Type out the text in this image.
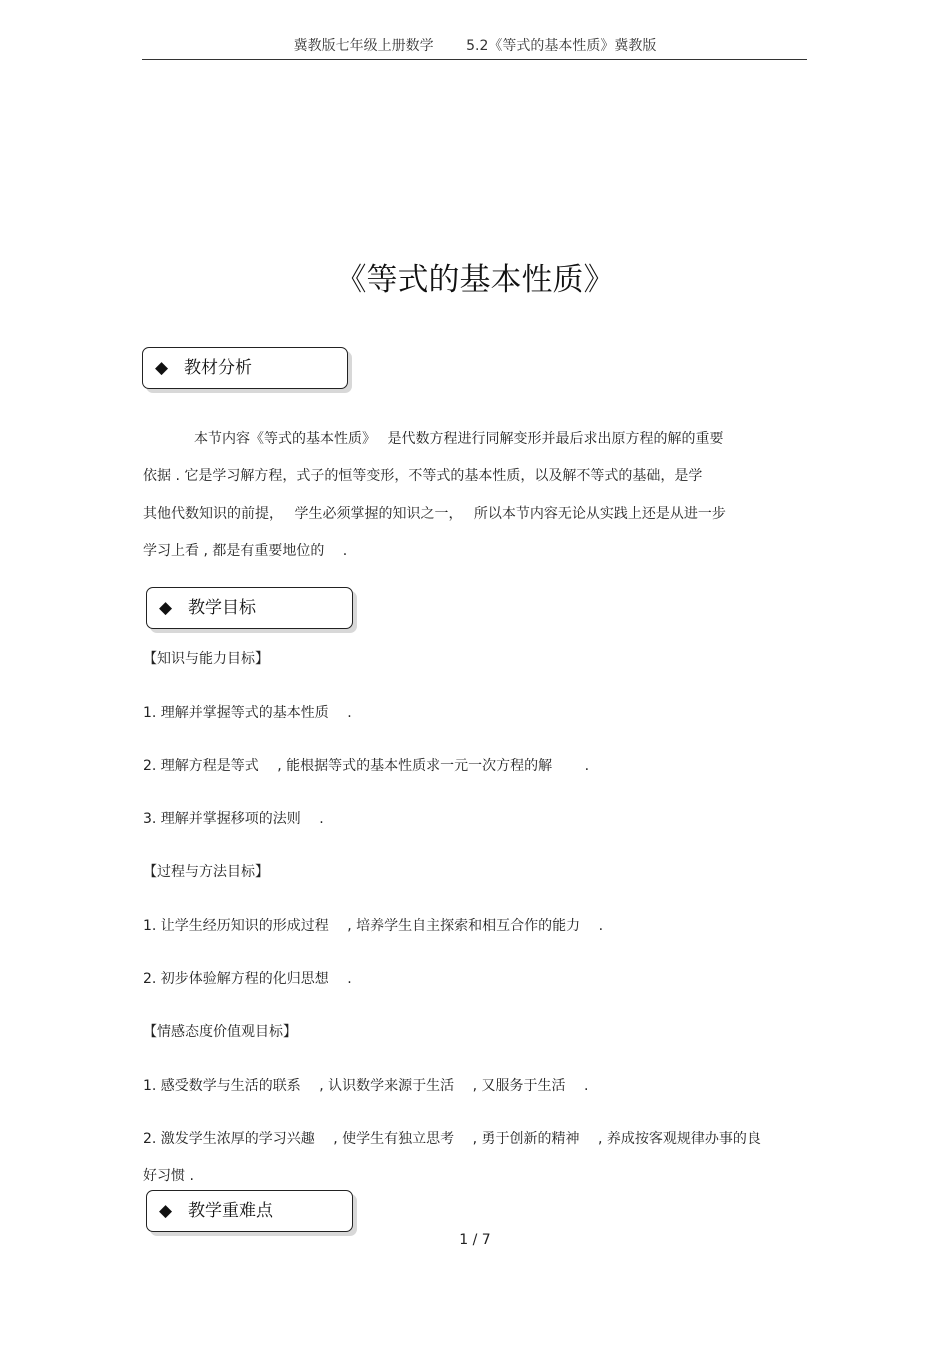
冀教版七年级上册数学　　 5.2《等式的基本性质》冀教版
《等式的基本性质》
◆ 教材分析
本节内容《等式的基本性质》　 是代数方程进行同解变形并最后求出原方程的解的重要
依据 . 它是学习解方程，式子的恒等变形，不等式的基本性质，以及解不等式的基础，是学
其他代数知识的前提，　 学生必须掌握的知识之一，　 所以本节内容无论从实践上还是从进一步
学习上看 , 都是有重要地位的　 .
◆ 教学目标
【知识与能力目标】
1. 理解并掌握等式的基本性质　 .
2. 理解方程是等式　 , 能根据等式的基本性质求一元一次方程的解　　 .
3. 理解并掌握移项的法则　 .
【过程与方法目标】
1. 让学生经历知识的形成过程　 , 培养学生自主探索和相互合作的能力　 .
2. 初步体验解方程的化归思想　 .
【情感态度价值观目标】
1. 感受数学与生活的联系　 , 认识数学来源于生活　 , 又服务于生活　 .
2. 激发学生浓厚的学习兴趣　 , 使学生有独立思考　 , 勇于创新的精神　 , 养成按客观规律办事的良
好习惯 .
◆ 教学重难点
1 / 7
